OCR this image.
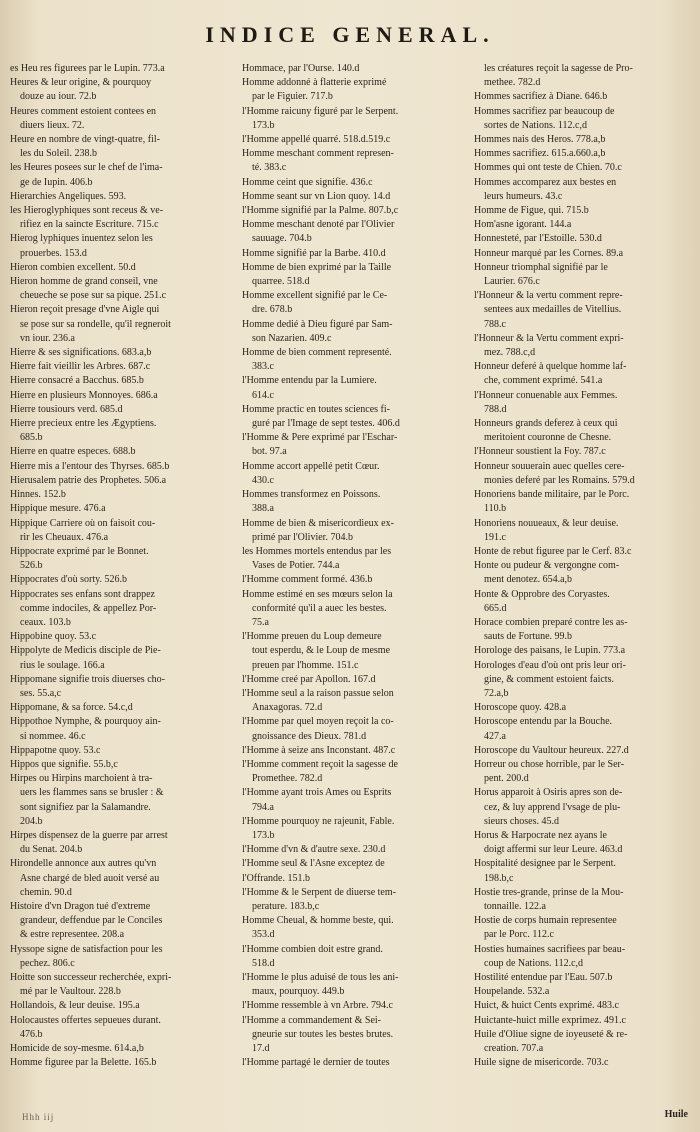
INDICE GENERAL.
es Heu res figurees par le Lupin. 773.a
Heures & leur origine, & pourquoy
douze au iour. 72.b
Heures comment estoient contees en
diuers lieux. 72.
Heure en nombre de vingt-quatre, fil-
les du Soleil. 238.b
les Heures posees sur le chef de l'ima-
ge de Iupin. 406.b
Hierarchies Angeliques. 593.
les Hieroglyphiques sont receus & ve-
rifiez en la saincte Escriture. 715.c
Hierog lyphiques inuentez selon les
prouerbes. 153.d
Hieron combien excellent. 50.d
Hieron homme de grand conseil, vne
cheueche se pose sur sa pique. 251.c
Hieron reçoit presage d'vne Aigle qui
se pose sur sa rondelle, qu'il regneroit
vn iour. 236.a
Hierre & ses significations. 683.a,b
Hierre fait vieillir les Arbres. 687.c
Hierre consacré a Bacchus. 685.b
Hierre en plusieurs Monnoyes. 686.a
Hierre tousiours verd. 685.d
Hierre precieux entre les Ægyptiens.
685.b
Hierre en quatre especes. 688.b
Hierre mis a l'entour des Thyrses. 685.b
Hierusalem patrie des Prophetes. 506.a
Hinnes. 152.b
Hippique mesure. 476.a
Hippique Carriere où on faisoit cou-
rir les Cheuaux. 476.a
Hippocrate exprimé par le Bonnet.
526.b
Hippocrates d'où sorty. 526.b
Hippocrates ses enfans sont drappez
comme indociles, & appellez Por-
ceaux. 103.b
Hippobine quoy. 53.c
Hippolyte de Medicis disciple de Pie-
rius le soulage. 166.a
Hippomane signifie trois diuerses cho-
ses. 55.a,c
Hippomane, & sa force. 54.c,d
Hippothoe Nymphe, & pourquoy ain-
si nommee. 46.c
Hippapotne quoy. 53.c
Hippos que signifie. 55.b,c
Hirpes ou Hirpins marchoient à tra-
uers les flammes sans se brusler : &
sont signifiez par la Salamandre.
204.b
Hirpes dispensez de la guerre par arrest
du Senat. 204.b
Hirondelle annonce aux autres qu'vn
Asne chargé de bled auoit versé au
chemin. 90.d
Histoire d'vn Dragon tué d'extreme
grandeur, deffendue par le Conciles
& estre representee. 208.a
Hyssope signe de satisfaction pour les
pechez. 806.c
Hoitte son successeur recherchée, expri-
mé par le Vaultour. 228.b
Hollandois, & leur deuise. 195.a
Holocaustes offertes sepueues durant.
476.b
Homicide de soy-mesme. 614.a,b
Homme figuree par la Belette. 165.b
Hommace, par l'Ourse. 140.d
Homme addonné à flatterie exprimé
par le Figuier. 717.b
l'Homme raicuny figuré par le Serpent.
173.b
l'Homme appellé quarré. 518.d.519.c
Homme meschant comment represen-
té. 383.c
Homme ceint que signifie. 436.c
Homme seant sur vn Lion quoy. 14.d
l'Homme signifié par la Palme. 807.b,c
Homme meschant denoté par l'Olivier
sauuage. 704.b
Homme signifié par la Barbe. 410.d
Homme de bien exprimé par la Taille
quarree. 518.d
Homme excellent signifié par le Ce-
dre. 678.b
Homme dedié à Dieu figuré par Sam-
son Nazarien. 409.c
Homme de bien comment representé.
383.c
l'Homme entendu par la Lumiere.
614.c
Homme practic en toutes sciences fi-
guré par l'Image de sept testes. 406.d
l'Homme & Pere exprimé par l'Eschar-
bot. 97.a
Homme accort appellé petit Cœur.
430.c
Hommes transformez en Poissons.
388.a
Homme de bien & misericordieux ex-
primé par l'Olivier. 704.b
les Hommes mortels entendus par les
Vases de Potier. 744.a
l'Homme comment formé. 436.b
Homme estimé en ses mœurs selon la
conformité qu'il a auec les bestes.
75.a
l'Homme preuen du Loup demeure
tout esperdu, & le Loup de mesme
preuen par l'homme. 151.c
l'Homme creé par Apollon. 167.d
l'Homme seul a la raison passue selon
Anaxagoras. 72.d
l'Homme par quel moyen reçoit la co-
gnoissance des Dieux. 781.d
l'Homme à seize ans Inconstant. 487.c
l'Homme comment reçoit la sagesse de
Promethee. 782.d
l'Homme ayant trois Ames ou Esprits
794.a
l'Homme pourquoy ne rajeunit, Fable.
173.b
l'Homme d'vn & d'autre sexe. 230.d
l'Homme seul & l'Asne exceptez de
l'Offrande. 151.b
l'Homme & le Serpent de diuerse tem-
perature. 183.b,c
Homme Cheual, & homme beste, qui.
353.d
l'Homme combien doit estre grand.
518.d
l'Homme le plus aduisé de tous les ani-
maux, pourquoy. 449.b
l'Homme ressemble à vn Arbre. 794.c
l'Homme a commandement & Sei-
gneurie sur toutes les bestes brutes.
17.d
l'Homme partagé le dernier de toutes
les créatures reçoit la sagesse de Pro-
methee. 782.d
Hommes sacrifiez à Diane. 646.b
Hommes sacrifiez par beaucoup de
sortes de Nations. 112.c,d
Hommes nais des Heros. 778.a,b
Hommes sacrifiez. 615.a.660.a,b
Hommes qui ont teste de Chien. 70.c
Hommes accomparez aux bestes en
leurs humeurs. 43.c
Homme de Figue, qui. 715.b
Hom'asne igorant. 144.a
Honnesteté, par l'Estoille. 530.d
Honneur marqué par les Cornes. 89.a
Honneur triomphal signifié par le
Laurier. 676.c
l'Honneur & la vertu comment repre-
sentees aux medailles de Vitellius.
788.c
l'Honneur & la Vertu comment expri-
mez. 788.c,d
Honneur deferé à quelque homme laf-
che, comment exprimé. 541.a
l'Honneur conuenable aux Femmes.
788.d
Honneurs grands deferez à ceux qui
meritoient couronne de Chesne.
l'Honneur soustient la Foy. 787.c
Honneur souuerain auec quelles cere-
monies deferé par les Romains. 579.d
Honoriens bande militaire, par le Porc.
110.b
Honoriens nouueaux, & leur deuise.
191.c
Honte de rebut figuree par le Cerf. 83.c
Honte ou pudeur & vergongne com-
ment denotez. 654.a,b
Honte & Opprobre des Coryastes.
665.d
Horace combien preparé contre les as-
sauts de Fortune. 99.b
Horologe des paisans, le Lupin. 773.a
Horologes d'eau d'où ont pris leur ori-
gine, & comment estoient faicts.
72.a,b
Horoscope quoy. 428.a
Horoscope entendu par la Bouche.
427.a
Horoscope du Vaultour heureux. 227.d
Horreur ou chose horrible, par le Ser-
pent. 200.d
Horus apparoit à Osiris apres son de-
cez, & luy apprend l'vsage de plu-
sieurs choses. 45.d
Horus & Harpocrate nez ayans le
doigt affermi sur leur Leure. 463.d
Hospitalité designee par le Serpent.
198.b,c
Hostie tres-grande, prinse de la Mou-
tonnaille. 122.a
Hostie de corps humain representee
par le Porc. 112.c
Hosties humaines sacrifiees par beau-
coup de Nations. 112.c,d
Hostilité entendue par l'Eau. 507.b
Houpelande. 532.a
Huict, & huict Cents exprimé. 483.c
Huictante-huict mille exprimez. 491.c
Huile d'Oliue signe de ioyeuseté & re-
creation. 707.a
Huile signe de misericorde. 703.c
Hhh iij	Huile
